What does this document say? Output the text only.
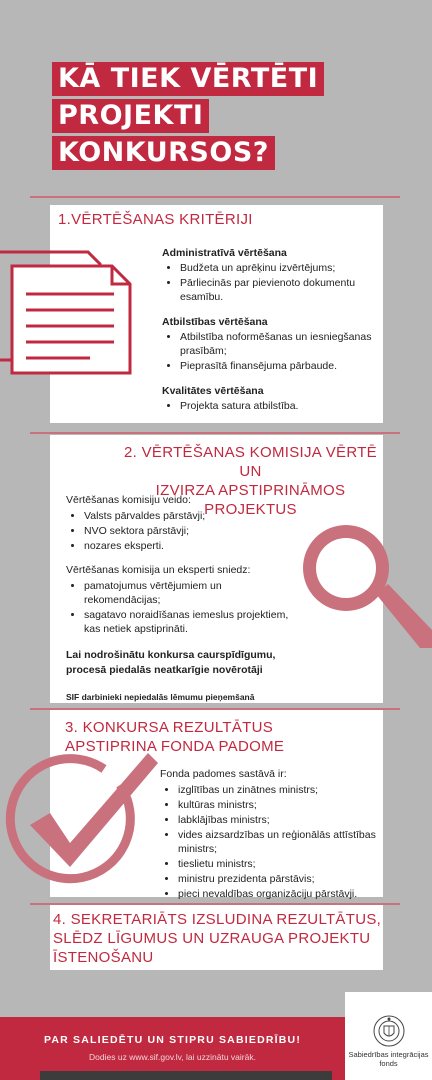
KĀ TIEK VĒRTĒTI
PROJEKTI
KONKURSOS?
1.VĒRTĒŠANAS KRITĒRIJI

Administratīvā vērtēšana

• Budžeta un aprēķinu izvērtējums;
• Pārliecinās par pievienoto dokumentu esamību.

Atbilstības vērtēšana

• Atbilstība noformēšanas un iesniegšanas prasībām;
• Pieprasītā finansējuma pārbaude.

Kvalitātes vērtēšana

• Projekta satura atbilstība.
2. VĒRTĒŠANAS KOMISIJA VĒRTĒ UN
IZVIRZA APSTIPRINĀMOS PROJEKTUS

Vērtēšanas komisiju veido:

• Valsts pārvaldes pārstāvji;
• NVO sektora pārstāvji;
• nozares eksperti.

Vērtēšanas komisija un eksperti sniedz:

• pamatojumus vērtējumiem un rekomendācijas;
• sagatavo noraidīšanas iemeslus projektiem, kas netiek apstiprināti.

Lai nodrošinātu konkursa caurspīdīgumu, procesā piedalās neatkarīgie novērotāji

SIF darbinieki nepiedalās lēmumu pieņemšanā

3. KONKURSA REZULTĀTUS
APSTIPRINA FONDA PADOME

Fonda padomes sastāvā ir:

• izglītības un zinātnes ministrs;
• kultūras ministrs;
• labklājības ministrs;
• vides aizsardzības un reģionālās attīstības ministrs;
• tieslietu ministrs;
• ministru prezidenta pārstāvis;
• pieci nevaldības organizāciju pārstāvji.
4. SEKRETARIĀTS IZSLUDINA REZULTĀTUS,
SLĒDZ LĪGUMUS UN UZRAUGA PROJEKTU
ĪSTENOŠANU
PAR SALIEDĒTU UN STIPRU SABIEDRĪBU!
Dodies uz www.sif.gov.lv, lai uzzinātu vairāk.	Sabiedrības integrācijas
fonds
